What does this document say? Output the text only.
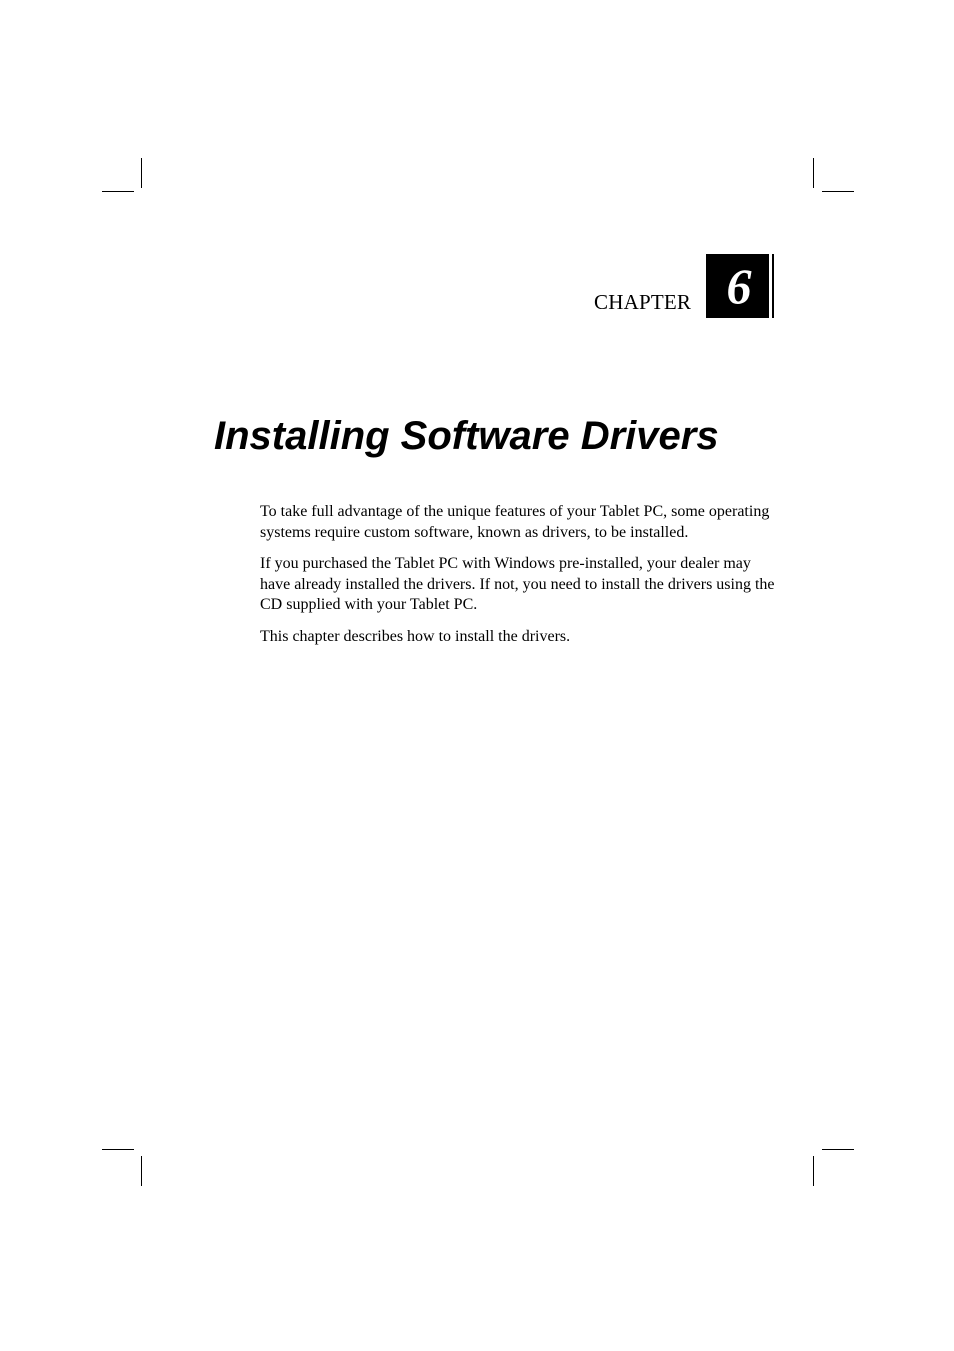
CHAPTER 6
Installing Software Drivers

To take full advantage of the unique features of your Tablet PC, some operating systems require custom software, known as drivers, to be installed.

If you purchased the Tablet PC with Windows pre-installed, your dealer may have already installed the drivers. If not, you need to install the drivers using the CD supplied with your Tablet PC.

This chapter describes how to install the drivers.
